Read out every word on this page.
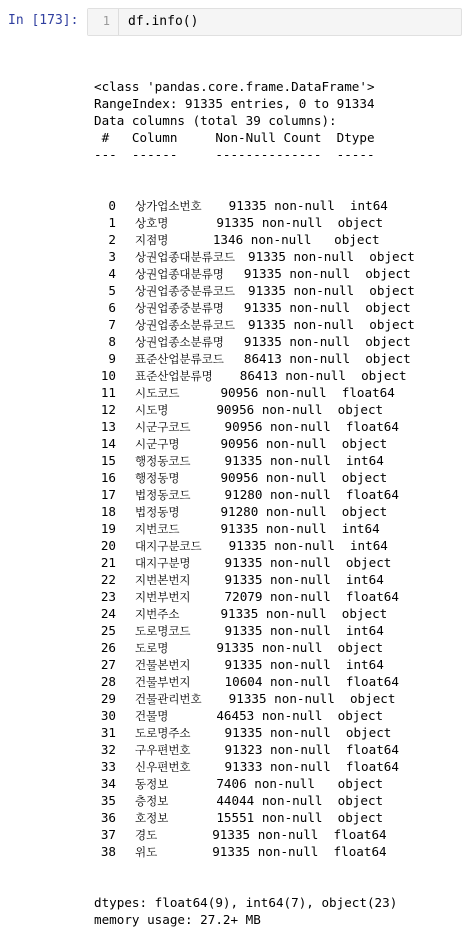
In [173]: 1 df.info()

<class 'pandas.core.frame.DataFrame'>
RangeIndex: 91335 entries, 0 to 91334
Data columns (total 39 columns):
#   Column     Non-Null Count  Dtype
---  ------     --------------  -----

0 상가업소번호 91335 non-null  int64
1 상호명	91335 non-null  object
2 지점명	1346 non-null   object
3 상권업종대분류코드 91335 non-null  object
4 상권업종대분류명 91335 non-null  object
5 상권업종중분류코드 91335 non-null  object
6 상권업종중분류명 91335 non-null  object
7 상권업종소분류코드 91335 non-null  object
8 상권업종소분류명 91335 non-null  object
9 표준산업분류코드 86413 non-null  object
10 표준산업분류명 86413 non-null  object
11 시도코드	90956 non-null  float64
12 시도명	90956 non-null  object
13 시군구코드	90956 non-null  float64
14 시군구명	90956 non-null  object
15 행정동코드	91335 non-null  int64
16 행정동명	90956 non-null  object
17 법정동코드	91280 non-null  float64
18 법정동명	91280 non-null  object
19 지번코드	91335 non-null  int64
20 대지구분코드 91335 non-null  int64
21 대지구분명	91335 non-null  object
22 지번본번지	91335 non-null  int64
23 지번부번지	72079 non-null  float64
24 지번주소	91335 non-null  object
25 도로명코드	91335 non-null  int64
26 도로명	91335 non-null  object
27 건물본번지	91335 non-null  int64
28 건물부번지	10604 non-null  float64
29 건물관리번호 91335 non-null  object
30 건물명	46453 non-null  object
31 도로명주소	91335 non-null  object
32 구우편번호	91323 non-null  float64
33 신우편번호	91333 non-null  float64
34 동정보	7406 non-null   object
35 층정보	44044 non-null  object
36 호정보	15551 non-null  object
37 경도	91335 non-null  float64
38 위도	91335 non-null  float64

dtypes: float64(9), int64(7), object(23)
memory usage: 27.2+ MB
